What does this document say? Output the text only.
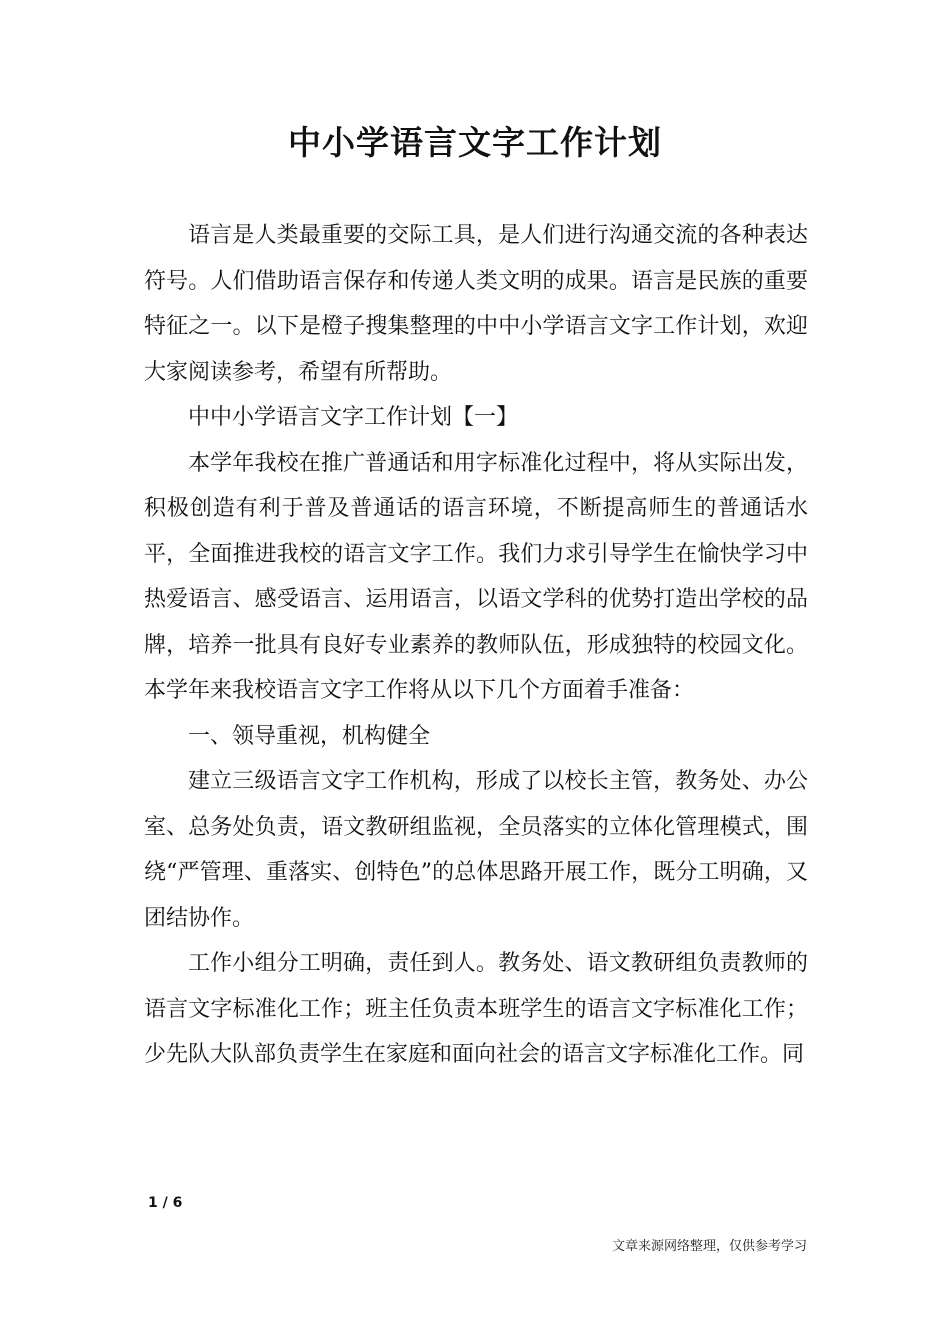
中小学语言文字工作计划

语言是人类最重要的交际工具，是人们进行沟通交流的各种表达符号。人们借助语言保存和传递人类文明的成果。语言是民族的重要特征之一。以下是橙子搜集整理的中中小学语言文字工作计划，欢迎大家阅读参考，希望有所帮助。

中中小学语言文字工作计划【一】

本学年我校在推广普通话和用字标准化过程中，将从实际出发，积极创造有利于普及普通话的语言环境，不断提高师生的普通话水平，全面推进我校的语言文字工作。我们力求引导学生在愉快学习中热爱语言、感受语言、运用语言，以语文学科的优势打造出学校的品牌，培养一批具有良好专业素养的教师队伍，形成独特的校园文化。本学年来我校语言文字工作将从以下几个方面着手准备：

一、领导重视，机构健全

建立三级语言文字工作机构，形成了以校长主管，教务处、办公室、总务处负责，语文教研组监视，全员落实的立体化管理模式，围绕“严管理、重落实、创特色”的总体思路开展工作，既分工明确，又团结协作。

工作小组分工明确，责任到人。教务处、语文教研组负责教师的语言文字标准化工作；班主任负责本班学生的语言文字标准化工作；少先队大队部负责学生在家庭和面向社会的语言文字标准化工作。同

1 / 6
文章来源网络整理，仅供参考学习
